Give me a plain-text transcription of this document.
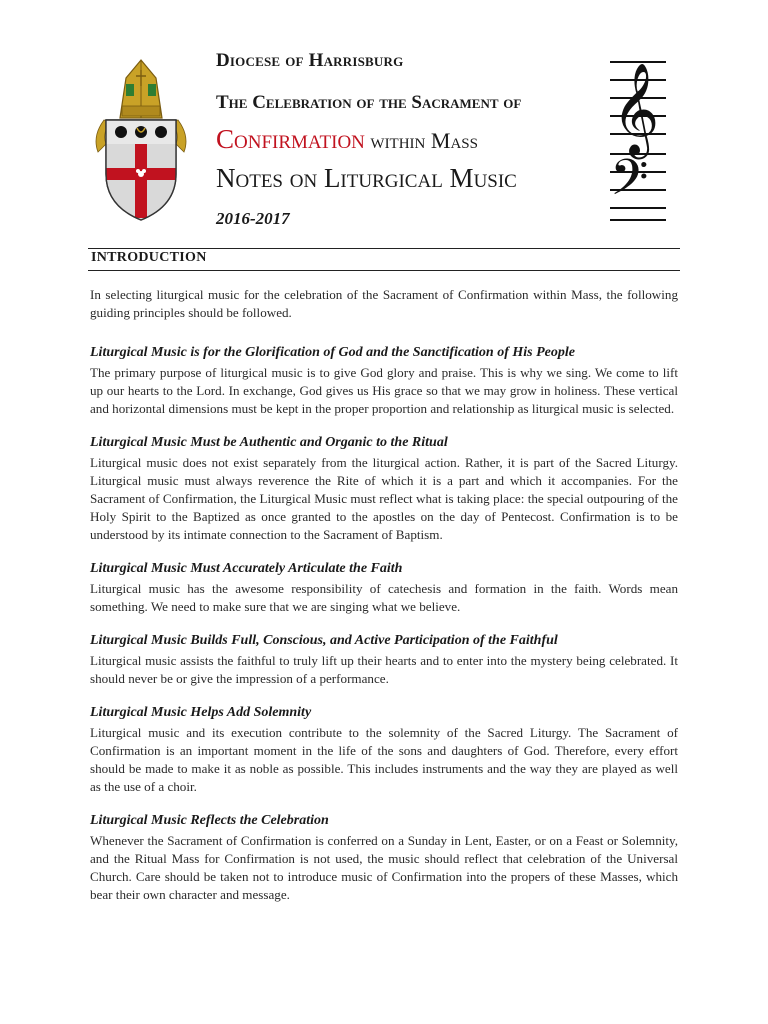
Diocese of Harrisburg
The Celebration of the Sacrament of
Confirmation within Mass
Notes on Liturgical Music
2016-2017
𝄞
𝄢
INTRODUCTION

In selecting liturgical music for the celebration of the Sacrament of Confirmation within Mass, the following guiding principles should be followed.

Liturgical Music is for the Glorification of God and the Sanctification of His People

The primary purpose of liturgical music is to give God glory and praise. This is why we sing. We come to lift up our hearts to the Lord. In exchange, God gives us His grace so that we may grow in holiness. These vertical and horizontal dimensions must be kept in the proper proportion and relationship as liturgical music is selected.

Liturgical Music Must be Authentic and Organic to the Ritual

Liturgical music does not exist separately from the liturgical action. Rather, it is part of the Sacred Liturgy. Liturgical music must always reverence the Rite of which it is a part and which it accompanies. For the Sacrament of Confirmation, the Liturgical Music must reflect what is taking place: the special outpouring of the Holy Spirit to the Baptized as once granted to the apostles on the day of Pentecost. Confirmation is to be understood by its intimate connection to the Sacrament of Baptism.

Liturgical Music Must Accurately Articulate the Faith

Liturgical music has the awesome responsibility of catechesis and formation in the faith. Words mean something. We need to make sure that we are singing what we believe.

Liturgical Music Builds Full, Conscious, and Active Participation of the Faithful

Liturgical music assists the faithful to truly lift up their hearts and to enter into the mystery being celebrated. It should never be or give the impression of a performance.

Liturgical Music Helps Add Solemnity

Liturgical music and its execution contribute to the solemnity of the Sacred Liturgy. The Sacrament of Confirmation is an important moment in the life of the sons and daughters of God. Therefore, every effort should be made to make it as noble as possible. This includes instruments and the way they are played as well as the use of a choir.

Liturgical Music Reflects the Celebration

Whenever the Sacrament of Confirmation is conferred on a Sunday in Lent, Easter, or on a Feast or Solemnity, and the Ritual Mass for Confirmation is not used, the music should reflect that celebration of the Universal Church. Care should be taken not to introduce music of Confirmation into the propers of these Masses, which bear their own character and message.
